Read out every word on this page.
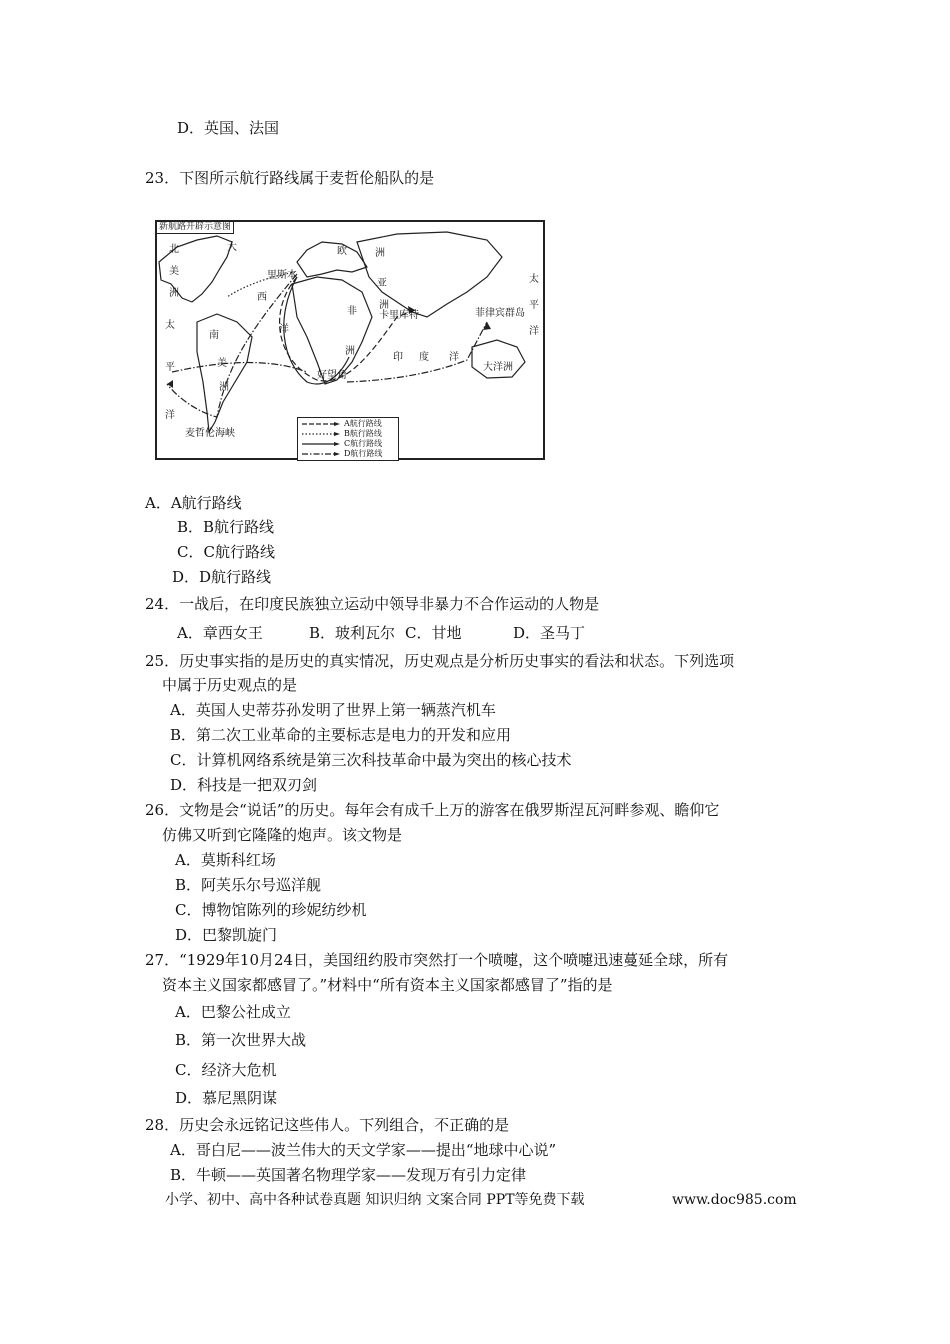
D．英国、法国
23．下图所示航行路线属于麦哲伦船队的是
新航路开辟示意图
北
美
洲
太
平
洋
大
西
洋
南
美
洲
欧	洲
亚
洲
非
洲
印 度 洋
太
平
洋
大洋洲
里斯本
卡里库特	菲律宾群岛
好望角
麦哲伦海峡
A航行路线
B航行路线
C航行路线
D航行路线
A．A航行路线
B．B航行路线
C．C航行路线
D．D航行路线
24．一战后，在印度民族独立运动中领导非暴力不合作运动的人物是
A．章西女王	B．玻利瓦尔 C．甘地	D．圣马丁
25．历史事实指的是历史的真实情况，历史观点是分析历史事实的看法和状态。下列选项
中属于历史观点的是
A．英国人史蒂芬孙发明了世界上第一辆蒸汽机车
B．第二次工业革命的主要标志是电力的开发和应用
C．计算机网络系统是第三次科技革命中最为突出的核心技术
D．科技是一把双刃剑
26．文物是会“说话”的历史。每年会有成千上万的游客在俄罗斯涅瓦河畔参观、瞻仰它
仿佛又听到它隆隆的炮声。该文物是
A．莫斯科红场
B．阿芙乐尔号巡洋舰
C．博物馆陈列的珍妮纺纱机
D．巴黎凯旋门
27．“1929年10月24日，美国纽约股市突然打一个喷嚏，这个喷嚏迅速蔓延全球，所有
资本主义国家都感冒了。”材料中“所有资本主义国家都感冒了”指的是
A．巴黎公社成立
B．第一次世界大战
C．经济大危机
D．慕尼黑阴谋
28．历史会永远铭记这些伟人。下列组合，不正确的是
A．哥白尼——波兰伟大的天文学家——提出“地球中心说”
B．牛顿——英国著名物理学家——发现万有引力定律
小学、初中、高中各种试卷真题 知识归纳 文案合同 PPT等免费下载	www.doc985.com
